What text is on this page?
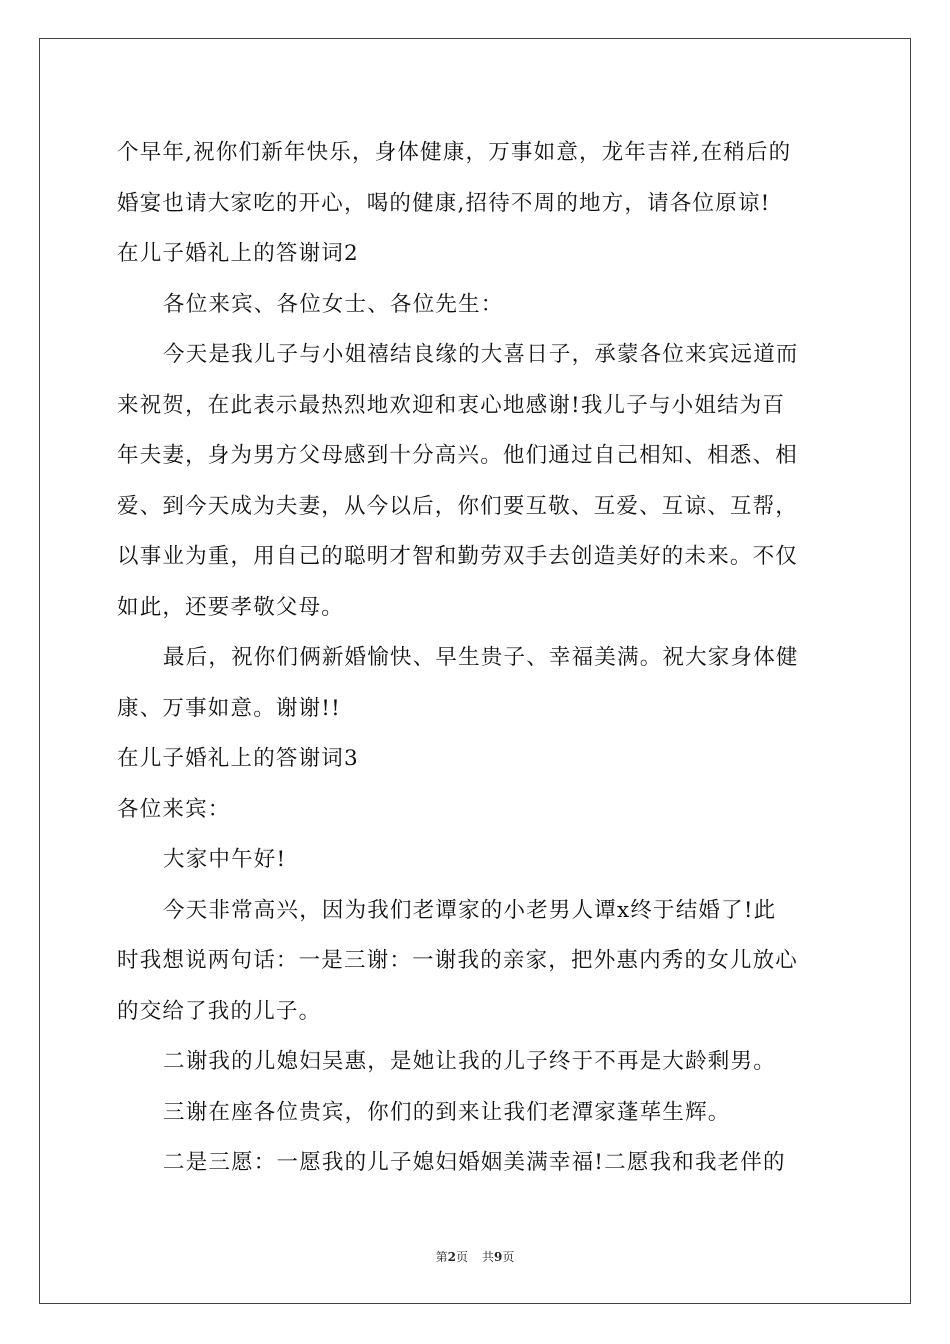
个早年,祝你们新年快乐，身体健康，万事如意，龙年吉祥,在稍后的
婚宴也请大家吃的开心，喝的健康,招待不周的地方，请各位原谅!
在儿子婚礼上的答谢词2
各位来宾、各位女士、各位先生：
今天是我儿子与小姐禧结良缘的大喜日子，承蒙各位来宾远道而
来祝贺，在此表示最热烈地欢迎和衷心地感谢!我儿子与小姐结为百
年夫妻，身为男方父母感到十分高兴。他们通过自己相知、相悉、相
爱、到今天成为夫妻，从今以后，你们要互敬、互爱、互谅、互帮，
以事业为重，用自己的聪明才智和勤劳双手去创造美好的未来。不仅
如此，还要孝敬父母。
最后，祝你们俩新婚愉快、早生贵子、幸福美满。祝大家身体健
康、万事如意。谢谢!!
在儿子婚礼上的答谢词3
各位来宾：
大家中午好!
今天非常高兴，因为我们老谭家的小老男人谭x终于结婚了!此
时我想说两句话：一是三谢：一谢我的亲家，把外惠内秀的女儿放心
的交给了我的儿子。
二谢我的儿媳妇吴惠，是她让我的儿子终于不再是大龄剩男。
三谢在座各位贵宾，你们的到来让我们老潭家蓬荜生辉。
二是三愿：一愿我的儿子媳妇婚姻美满幸福!二愿我和我老伴的
第2页 共9页
